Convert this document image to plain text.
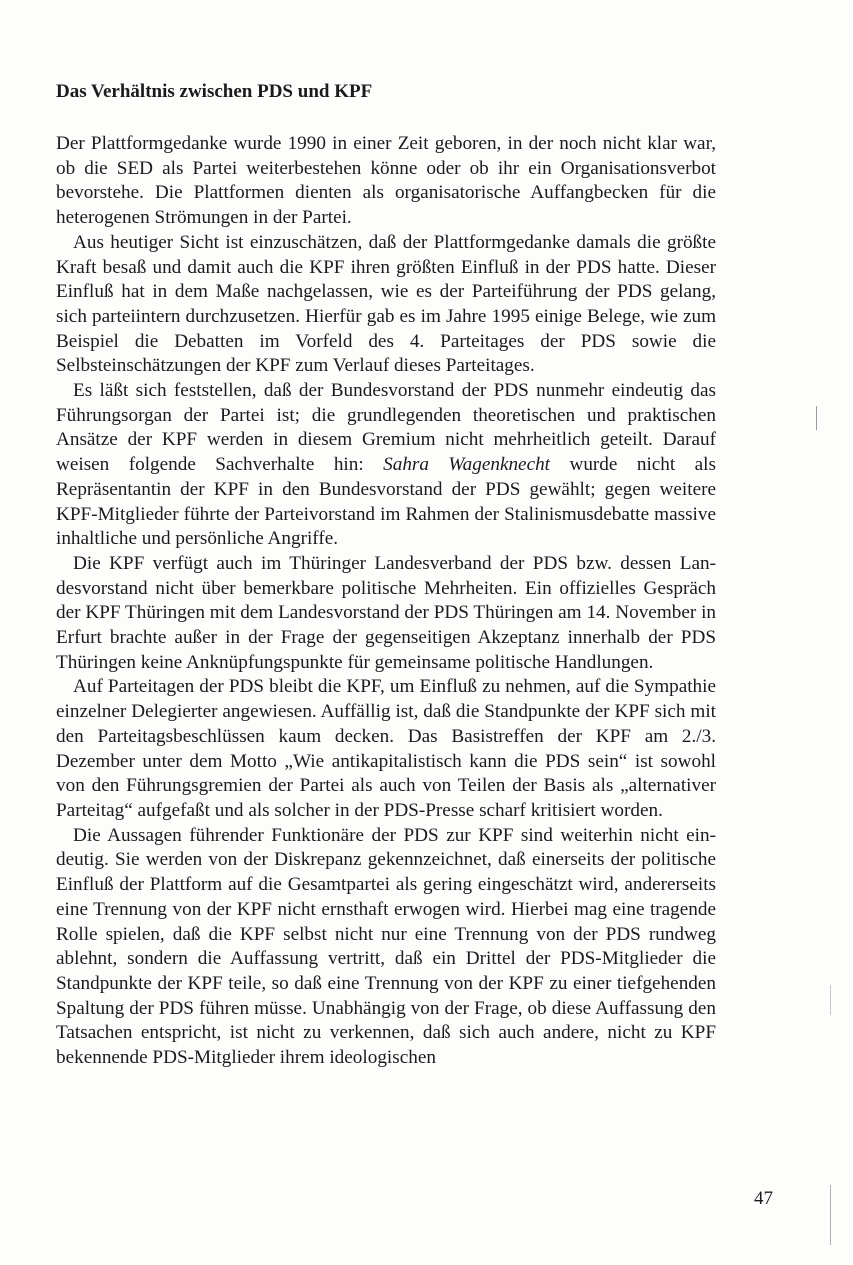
Das Verhältnis zwischen PDS und KPF

Der Plattformgedanke wurde 1990 in einer Zeit geboren, in der noch nicht klar war, ob die SED als Partei weiterbestehen könne oder ob ihr ein Organisationsverbot bevorstehe. Die Plattformen dienten als organisatorische Auffangbecken für die heterogenen Strömungen in der Partei.

Aus heutiger Sicht ist einzuschätzen, daß der Plattformgedanke damals die größte Kraft besaß und damit auch die KPF ihren größten Einfluß in der PDS hatte. Dieser Einfluß hat in dem Maße nachgelassen, wie es der Parteiführung der PDS gelang, sich parteiintern durchzusetzen. Hierfür gab es im Jahre 1995 einige Belege, wie zum Beispiel die Debatten im Vorfeld des 4. Parteitages der PDS sowie die Selbsteinschätzungen der KPF zum Verlauf dieses Parteitages.

Es läßt sich feststellen, daß der Bundesvorstand der PDS nunmehr eindeutig das Führungsorgan der Partei ist; die grundlegenden theoretischen und praktischen Ansätze der KPF werden in diesem Gremium nicht mehrheitlich geteilt. Darauf weisen folgende Sachverhalte hin: Sahra Wagenknecht wurde nicht als Repräsentantin der KPF in den Bundesvorstand der PDS gewählt; gegen weitere KPF-Mitglieder führte der Parteivorstand im Rahmen der Stalinismusdebatte massive inhaltliche und persönliche Angriffe.

Die KPF verfügt auch im Thüringer Landesverband der PDS bzw. dessen Landesvorstand nicht über bemerkbare politische Mehrheiten. Ein offizielles Gespräch der KPF Thüringen mit dem Landesvorstand der PDS Thüringen am 14. November in Erfurt brachte außer in der Frage der gegenseitigen Akzeptanz innerhalb der PDS Thüringen keine Anknüpfungspunkte für gemeinsame politische Handlungen.

Auf Parteitagen der PDS bleibt die KPF, um Einfluß zu nehmen, auf die Sympathie einzelner Delegierter angewiesen. Auffällig ist, daß die Standpunkte der KPF sich mit den Parteitagsbeschlüssen kaum decken. Das Basistreffen der KPF am 2./3. Dezember unter dem Motto „Wie antikapitalistisch kann die PDS sein“ ist sowohl von den Führungsgremien der Partei als auch von Teilen der Basis als „alternativer Parteitag“ aufgefaßt und als solcher in der PDS-Presse scharf kritisiert worden.

Die Aussagen führender Funktionäre der PDS zur KPF sind weiterhin nicht eindeutig. Sie werden von der Diskrepanz gekennzeichnet, daß einerseits der politische Einfluß der Plattform auf die Gesamtpartei als gering eingeschätzt wird, andererseits eine Trennung von der KPF nicht ernsthaft erwogen wird. Hierbei mag eine tragende Rolle spielen, daß die KPF selbst nicht nur eine Trennung von der PDS rundweg ablehnt, sondern die Auffassung vertritt, daß ein Drittel der PDS-Mitglieder die Standpunkte der KPF teile, so daß eine Trennung von der KPF zu einer tiefgehenden Spaltung der PDS führen müsse. Unabhängig von der Frage, ob diese Auffassung den Tatsachen entspricht, ist nicht zu verkennen, daß sich auch andere, nicht zu KPF bekennende PDS-Mitglieder ihrem ideologischen

47
